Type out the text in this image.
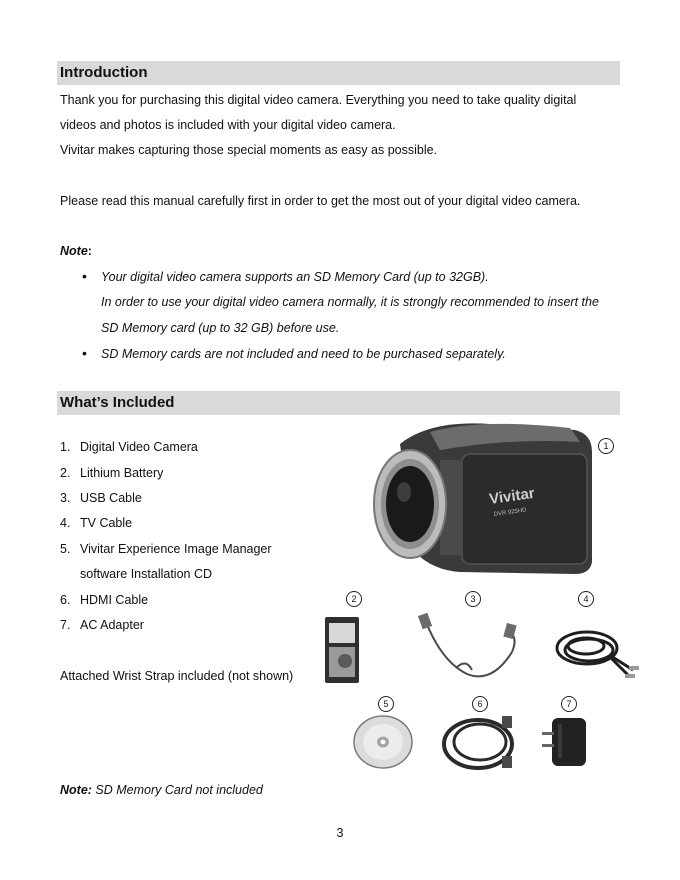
Introduction
Thank you for purchasing this digital video camera. Everything you need to take quality digital
videos and photos is included with your digital video camera.
Vivitar makes capturing those special moments as easy as possible.
Please read this manual carefully first in order to get the most out of your digital video camera.
Note:
• Your digital video camera supports an SD Memory Card (up to 32GB).
In order to use your digital video camera normally, it is strongly recommended to insert the
SD Memory card (up to 32 GB) before use.
• SD Memory cards are not included and need to be purchased separately.
What’s Included
1. Digital Video Camera
2. Lithium Battery
3. USB Cable
4. TV Cable
5. Vivitar Experience Image Manager
software Installation CD
6. HDMI Cable
7. AC Adapter
Attached Wrist Strap included (not shown)
Vivitar
DVR 925HD
1
2	3	4
5	6	7
Note: SD Memory Card not included
3
